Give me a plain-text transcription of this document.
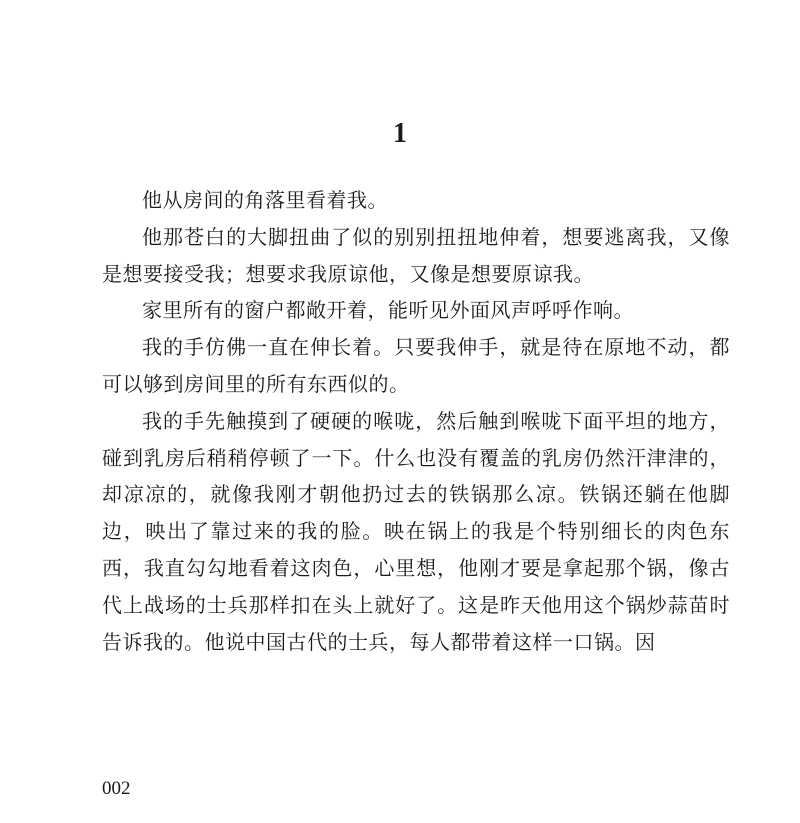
1

他从房间的角落里看着我。

他那苍白的大脚扭曲了似的别别扭扭地伸着，想要逃离我，又像是想要接受我；想要求我原谅他，又像是想要原谅我。

家里所有的窗户都敞开着，能听见外面风声呼呼作响。

我的手仿佛一直在伸长着。只要我伸手，就是待在原地不动，都可以够到房间里的所有东西似的。

我的手先触摸到了硬硬的喉咙，然后触到喉咙下面平坦的地方，碰到乳房后稍稍停顿了一下。什么也没有覆盖的乳房仍然汗津津的，却凉凉的，就像我刚才朝他扔过去的铁锅那么凉。铁锅还躺在他脚边，映出了靠过来的我的脸。映在锅上的我是个特别细长的肉色东西，我直勾勾地看着这肉色，心里想，他刚才要是拿起那个锅，像古代上战场的士兵那样扣在头上就好了。这是昨天他用这个锅炒蒜苗时告诉我的。他说中国古代的士兵，每人都带着这样一口锅。因

002
